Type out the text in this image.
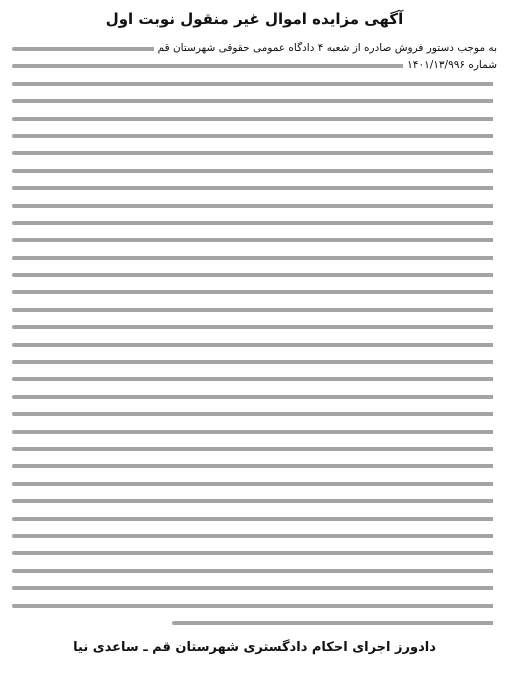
آگهی مزایده اموال غیر منقول نوبت اول

به موجب دستور فروش صادره از شعبه ۴ دادگاه عمومی حقوقی شهرستان قم

شماره ۱۴۰۱/۱۳/۹۹۶

دادورز اجرای احکام دادگستری شهرستان قم ـ ساعدی نیا
